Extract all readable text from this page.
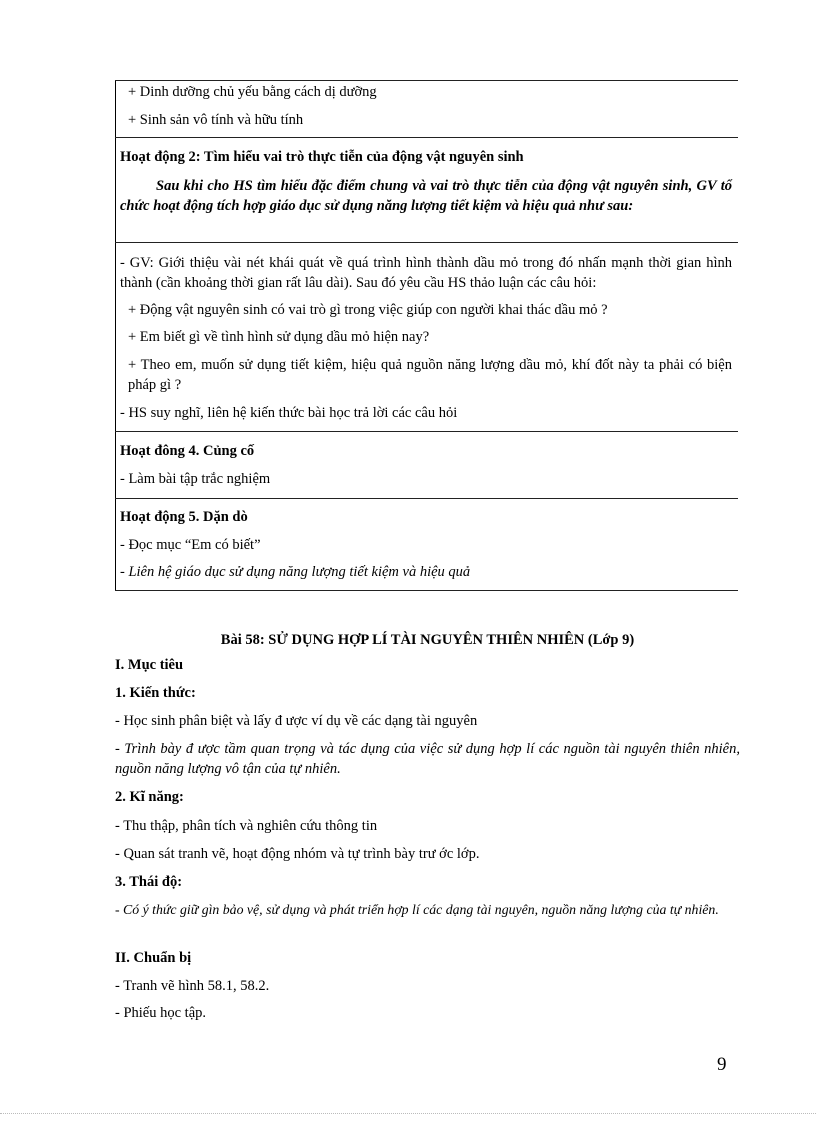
+ Dinh dưỡng chủ yếu bằng cách dị dưỡng
+ Sinh sản vô tính và hữu tính
Hoạt động 2: Tìm hiểu vai trò thực tiễn của động vật nguyên sinh
Sau khi cho HS tìm hiểu đặc điểm chung và vai trò thực tiễn của động vật nguyên sinh, GV tổ chức hoạt động tích hợp giáo dục sử dụng năng lượng tiết kiệm và hiệu quả như sau:
- GV: Giới thiệu vài nét khái quát về quá trình hình thành dầu mỏ trong đó nhấn mạnh thời gian hình thành (cần khoảng thời gian rất lâu dài). Sau đó yêu cầu HS thảo luận các câu hỏi:
+ Động vật nguyên sinh có vai trò gì trong việc giúp con người khai thác dầu mỏ ?
+ Em biết gì về tình hình sử dụng dầu mỏ hiện nay?
+ Theo em, muốn sử dụng tiết kiệm, hiệu quả nguồn năng lượng dầu mỏ, khí đốt này ta phải có biện pháp gì ?
- HS suy nghĩ, liên hệ kiến thức bài học trả lời các câu hỏi
Hoạt đông 4. Củng cố
- Làm bài tập trắc nghiệm
Hoạt động 5. Dặn dò
- Đọc mục “Em có biết”
- Liên hệ giáo dục sử dụng năng lượng tiết kiệm và hiệu quả
Bài 58: SỬ DỤNG HỢP LÍ TÀI NGUYÊN THIÊN NHIÊN (Lớp 9)
I. Mục tiêu
1. Kiến thức:
- Học sinh phân biệt và lấy đ ược ví dụ về các dạng tài nguyên
- Trình bày đ ược tầm quan trọng và tác dụng của việc sử dụng hợp lí các nguồn tài nguyên thiên nhiên, nguồn năng lượng vô tận của tự nhiên.
2. Kĩ năng:
- Thu thập, phân tích và nghiên cứu thông tin
- Quan sát tranh vẽ, hoạt động nhóm và tự trình bày trư ớc lớp.
3. Thái độ:
- Có ý thức giữ gìn bảo vệ, sử dụng và phát triển hợp lí các dạng tài nguyên, nguồn năng lượng của tự nhiên.
II. Chuẩn bị
- Tranh vẽ hình 58.1, 58.2.
- Phiếu học tập.
9
